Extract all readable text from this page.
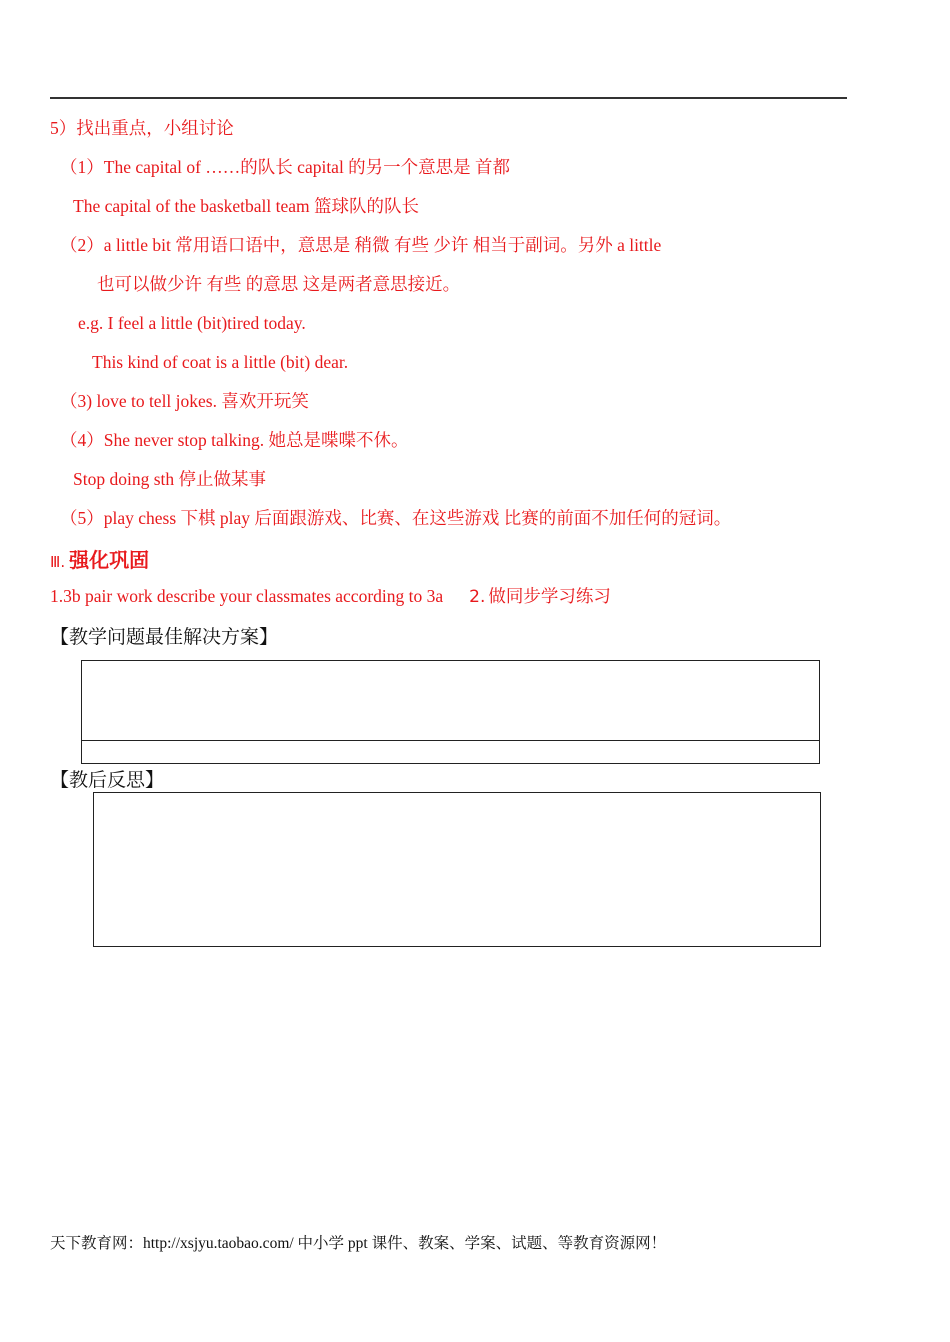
5）找出重点，小组讨论
（1）The capital of ……的队长 capital 的另一个意思是 首都
The capital of the basketball team 篮球队的队长
（2）a little bit 常用语口语中，意思是 稍微 有些 少许 相当于副词。另外 a little
也可以做少许 有些 的意思 这是两者意思接近。
e.g. I feel a little (bit)tired today.
This kind of coat is a little (bit) dear.
（3) love to tell jokes. 喜欢开玩笑
（4）She never stop talking. 她总是喋喋不休。
Stop doing sth 停止做某事
（5）play chess 下棋 play 后面跟游戏、比赛、在这些游戏 比赛的前面不加任何的冠词。
Ⅲ. 强化巩固
1.3b pair work describe your classmates according to 3a 2. 做同步学习练习
【教学问题最佳解决方案】
【教后反思】
天下教育网：http://xsjyu.taobao.com/ 中小学 ppt 课件、教案、学案、试题、等教育资源网！
